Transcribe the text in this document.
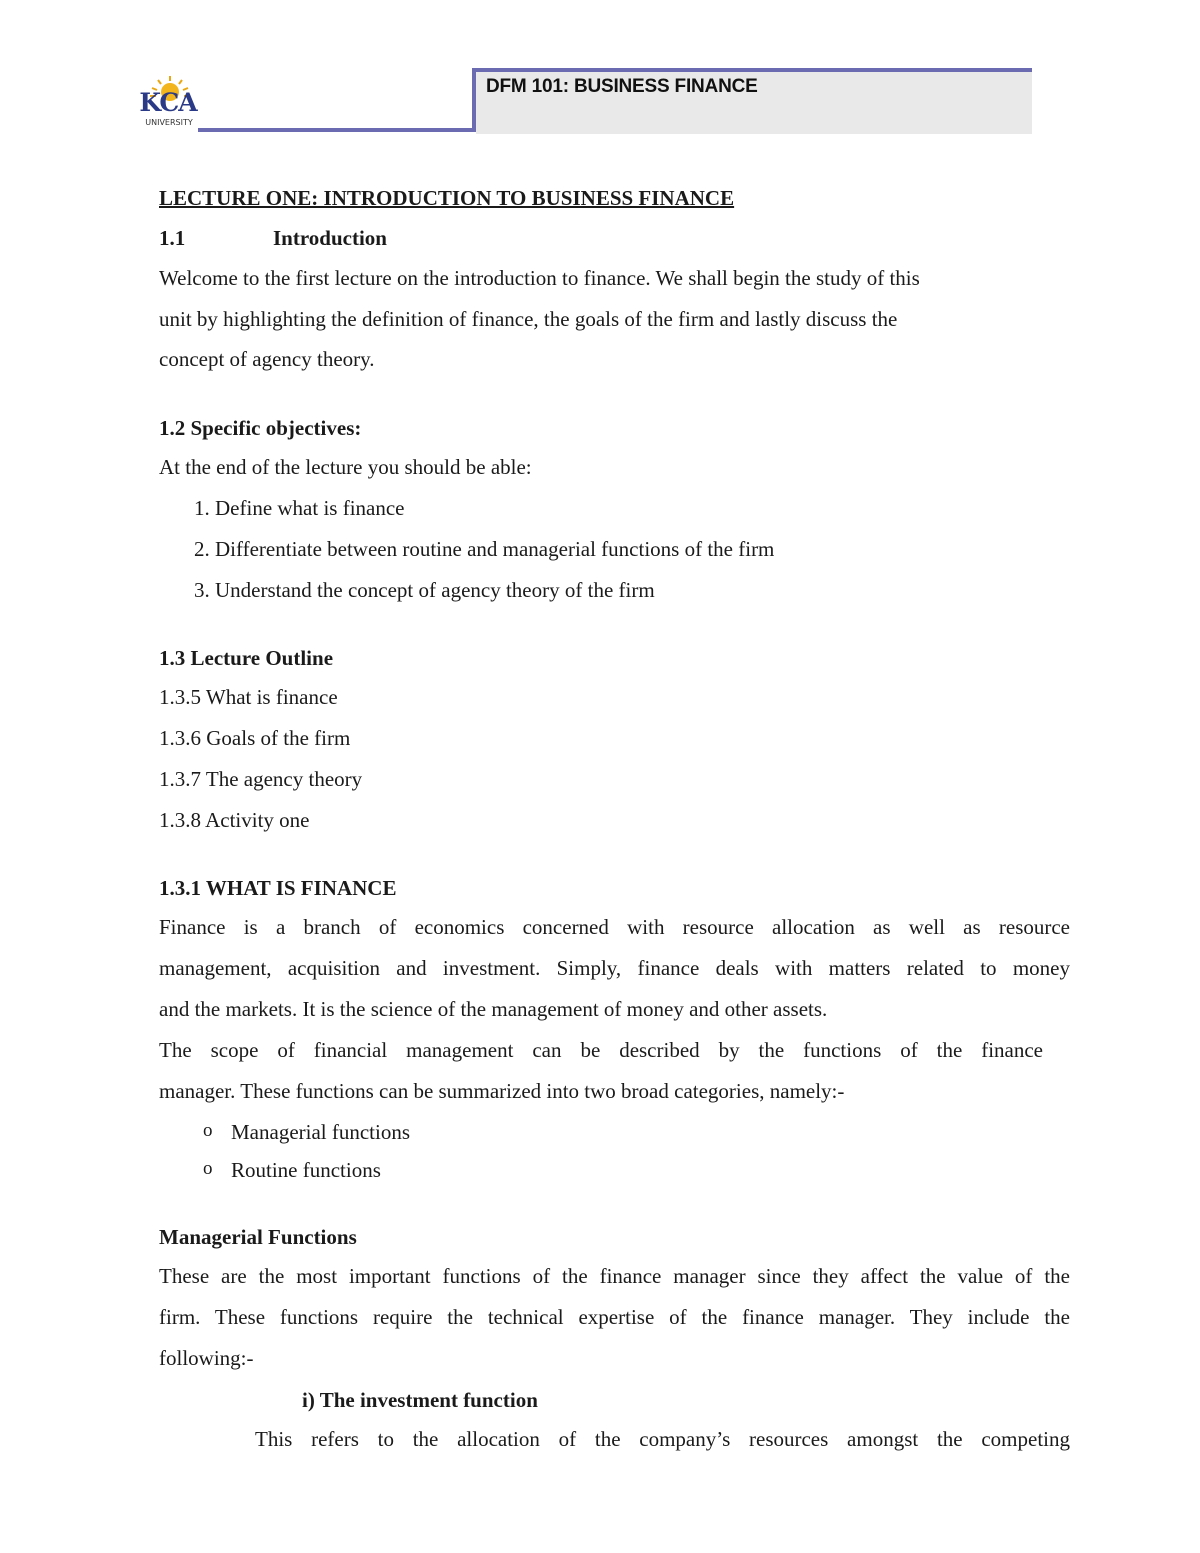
KCA
UNIVERSITY
DFM 101: BUSINESS FINANCE
LECTURE ONE: INTRODUCTION TO BUSINESS FINANCE
1.1	Introduction
Welcome to the first lecture on the introduction to finance. We shall begin the study of this
unit by highlighting the definition of finance, the goals of the firm and lastly discuss the
concept of agency theory.
1.2 Specific objectives:
At the end of the lecture you should be able:
1. Define what is finance
2. Differentiate between routine and managerial functions of the firm
3. Understand the concept of agency theory of the firm
1.3 Lecture Outline
1.3.5 What is finance
1.3.6 Goals of the firm
1.3.7 The agency theory
1.3.8 Activity one
1.3.1 WHAT IS FINANCE
Finance is a branch of economics concerned with resource allocation as well as resource
management, acquisition and investment. Simply, finance deals with matters related to money
and the markets. It is the science of the management of money and other assets.
The scope of financial management can be described by the functions of the finance
manager. These functions can be summarized into two broad categories, namely:-
o Managerial functions
o Routine functions
Managerial Functions
These are the most important functions of the finance manager since they affect the value of the
firm. These functions require the technical expertise of the finance manager. They include the
following:-
i) The investment function
This refers to the allocation of the company’s resources amongst the competing
